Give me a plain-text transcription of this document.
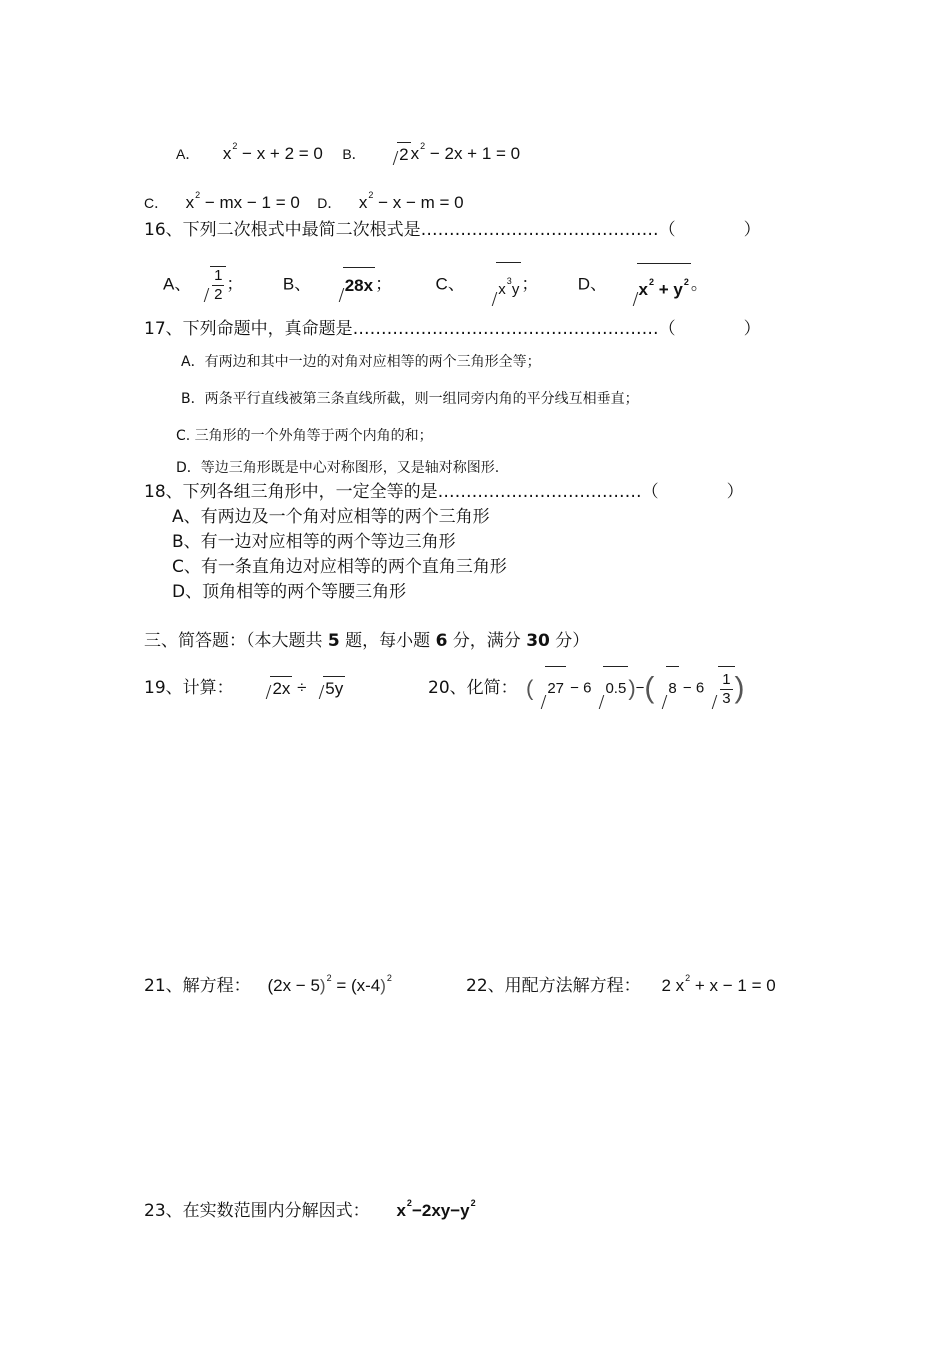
A． $x^2 - x + 2 = 0$ B． 2 $x^2 - 2x + 1 = 0$
C． $x^2$ − mx − 1 = 0 D． $x^2 - x - m = 0$
16、下列二次根式中最简二次根式是……………………………………（　　　　）
A、 $\frac{1}{2}$ ； B、 28x ；	C、 $x^3y$ ； D、 $x^2 + y^2$ 。
17、下列命题中，真命题是………………………………………………（　　　　）
A．有两边和其中一边的对角对应相等的两个三角形全等；
B．两条平行直线被第三条直线所截，则一组同旁内角的平分线互相垂直；
C. 三角形的一个外角等于两个内角的和；
D．等边三角形既是中心对称图形，又是轴对称图形.
18、下列各组三角形中，一定全等的是………………………………（　　　　）
A、有两边及一个角对应相等的两个三角形
B、有一边对应相等的两个等边三角形
C、有一条直角边对应相等的两个直角三角形
D、顶角相等的两个等腰三角形
三、简答题：（本大题共 5 题，每小题 6 分，满分 30 分）
19、计算： 2x ÷ 5y	20、化简： ( 27 − 6 0.5)−( $8 - 6 \frac{1}{3}$ )
21、解方程： $(2x - 5)^2 = (x-4)^2$	22、用配方法解方程： 2 $x^2 + x - 1 = 0$
23、在实数范围内分解因式： $x^2-2xy-y^2$
